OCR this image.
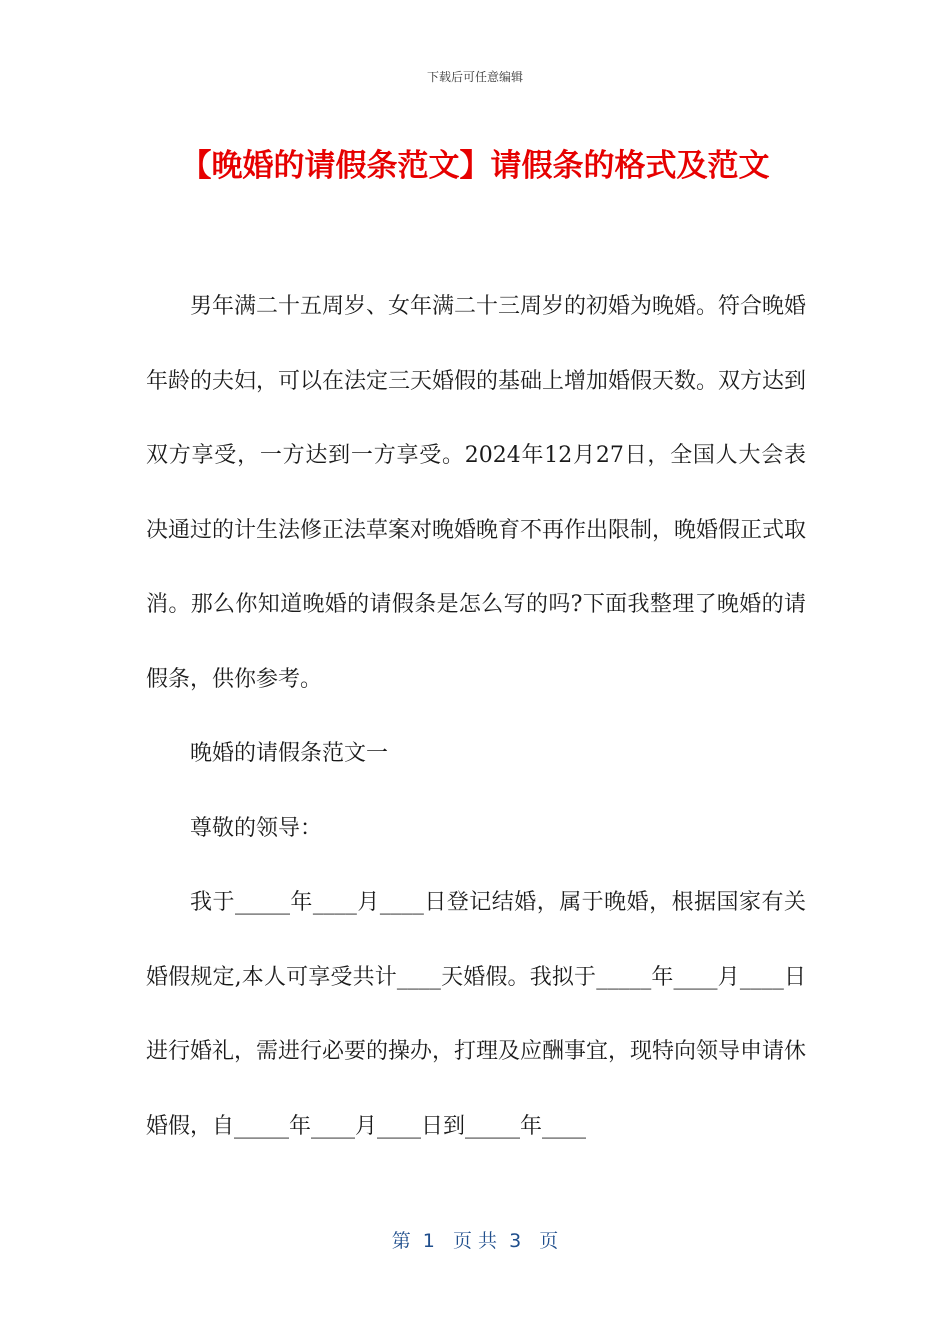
下载后可任意编辑
【晚婚的请假条范文】请假条的格式及范文

男年满二十五周岁、女年满二十三周岁的初婚为晚婚。符合晚婚年龄的夫妇，可以在法定三天婚假的基础上增加婚假天数。双方达到双方享受，一方达到一方享受。2024年12月27日，全国人大会表决通过的计生法修正法草案对晚婚晚育不再作出限制，晚婚假正式取消。那么你知道晚婚的请假条是怎么写的吗?下面我整理了晚婚的请假条，供你参考。

晚婚的请假条范文一

尊敬的领导：

我于_____年____月____日登记结婚，属于晚婚，根据国家有关婚假规定,本人可享受共计____天婚假。我拟于_____年____月____日进行婚礼，需进行必要的操办，打理及应酬事宜，现特向领导申请休婚假，自_____年____月____日到_____年____

第  1   页 共  3   页
